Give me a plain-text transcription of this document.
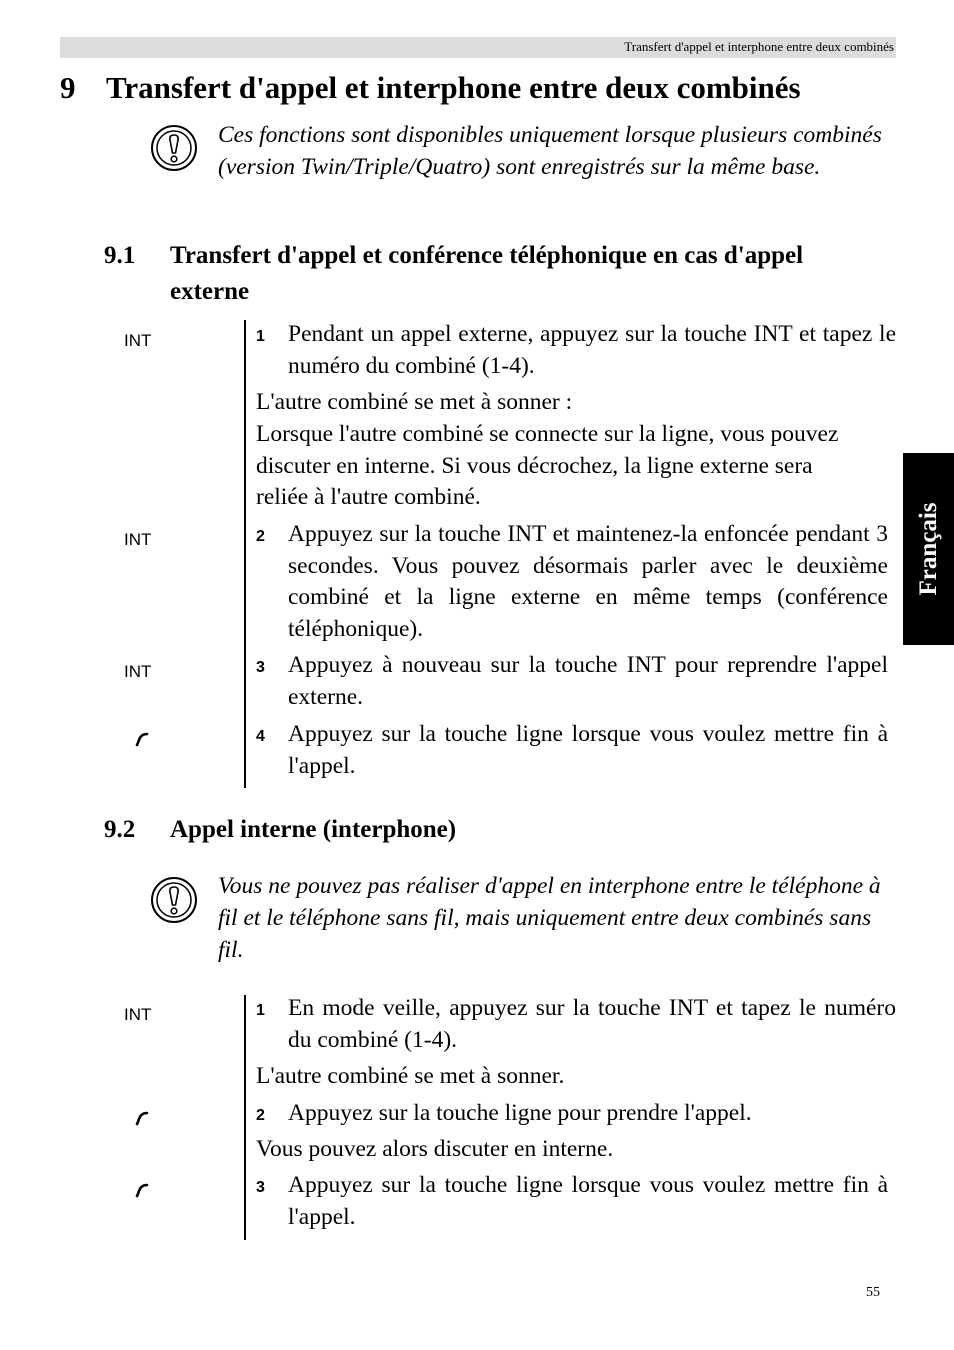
Transfert d'appel et interphone entre deux combinés
9 Transfert d'appel et interphone entre deux combinés
Ces fonctions sont disponibles uniquement lorsque plusieurs combinés (version Twin/Triple/Quatro) sont enregistrés sur la même base.
9.1 Transfert d'appel et conférence téléphonique en cas d'appel externe
INT
INT
INT
1 Pendant un appel externe, appuyez sur la touche INT et tapez le numéro du combiné (1-4).
L'autre combiné se met à sonner :
Lorsque l'autre combiné se connecte sur la ligne, vous pouvez discuter en interne. Si vous décrochez, la ligne externe sera reliée à l'autre combiné.
2 Appuyez sur la touche INT et maintenez-la enfoncée pendant 3 secondes. Vous pouvez désormais parler avec le deuxième combiné et la ligne externe en même temps (conférence téléphonique).
3 Appuyez à nouveau sur la touche INT pour reprendre l'appel externe.
4 Appuyez sur la touche ligne lorsque vous voulez mettre fin à l'appel.
9.2 Appel interne (interphone)
Vous ne pouvez pas réaliser d'appel en interphone entre le téléphone à fil et le téléphone sans fil, mais uniquement entre deux combinés sans fil.
INT	1 En mode veille, appuyez sur la touche INT et tapez le numéro du combiné (1-4).
L'autre combiné se met à sonner.
2 Appuyez sur la touche ligne pour prendre l'appel.
Vous pouvez alors discuter en interne.
3 Appuyez sur la touche ligne lorsque vous voulez mettre fin à l'appel.
Français
55
